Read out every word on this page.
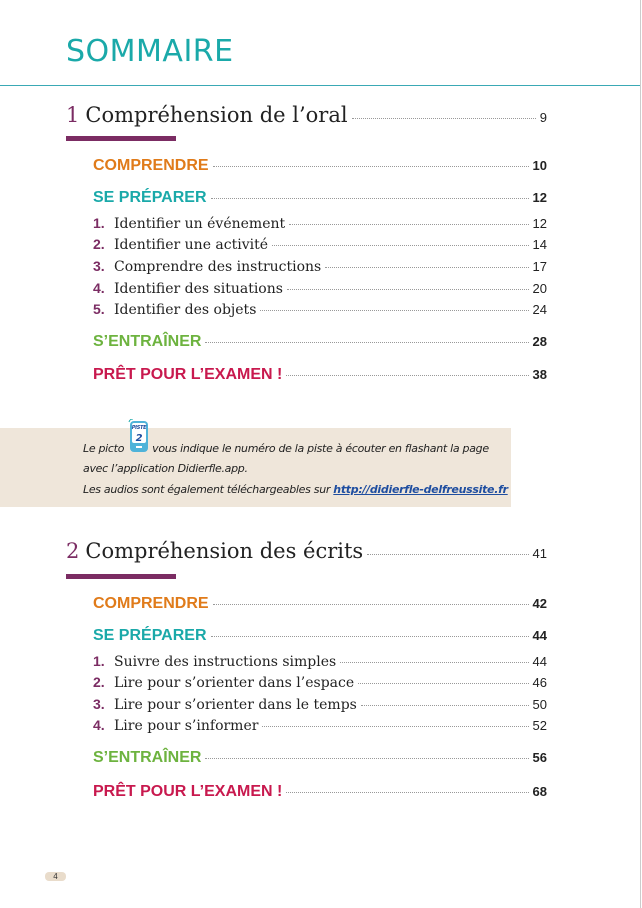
SOMMAIRE
1 Compréhension de l’oral	9
COMPRENDRE	10
SE PRÉPARER	12
1. Identifier un événement	12
2. Identifier une activité	14
3. Comprendre des instructions	17
4. Identifier des situations	20
5. Identifier des objets	24
S’ENTRAÎNER	28
PRÊT POUR L’EXAMEN !	38

Le picto
PISTE
2
vous indique le numéro de la piste à écouter en flashant la page

avec l’application Didierfle.app.

Les audios sont également téléchargeables sur http://didierfle-delfreussite.fr

2 Compréhension des écrits	41
COMPRENDRE	42
SE PRÉPARER	44
1. Suivre des instructions simples	44
2. Lire pour s’orienter dans l’espace	46
3. Lire pour s’orienter dans le temps	50
4. Lire pour s’informer	52
S’ENTRAÎNER	56
PRÊT POUR L’EXAMEN !	68
4
